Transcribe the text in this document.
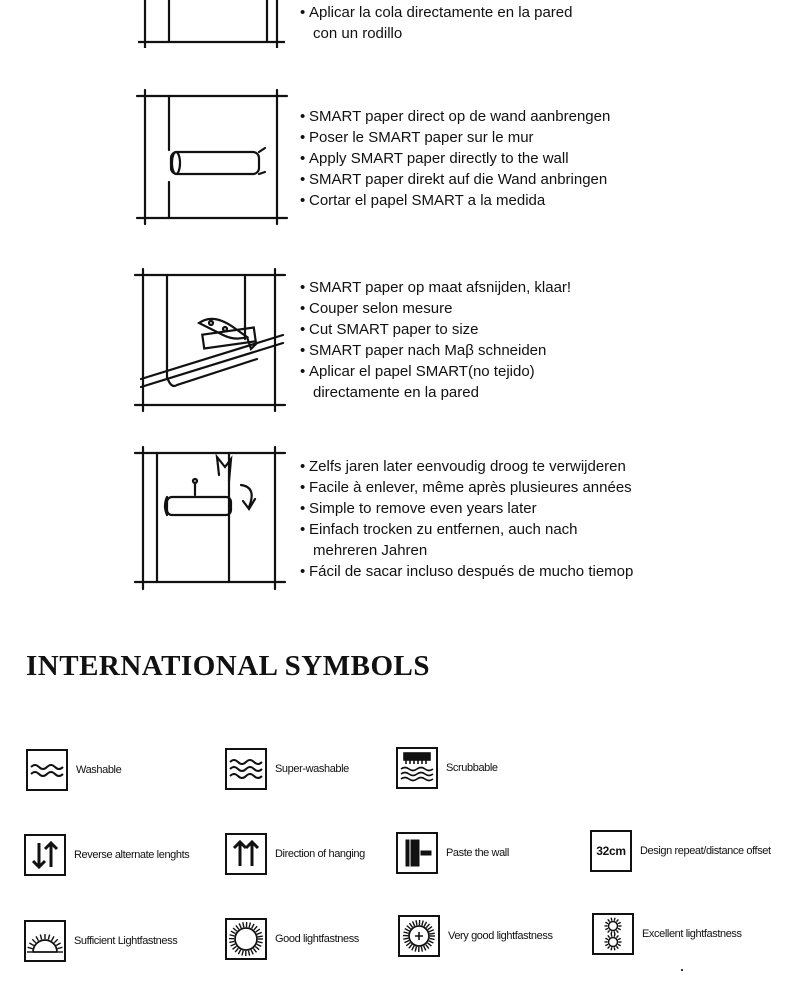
• Aplicar la cola directamente en la pared
con un rodillo
• SMART paper direct op de wand aanbrengen
• Poser le SMART paper sur le mur
• Apply SMART paper directly to the wall
• SMART paper direkt auf die Wand anbringen
• Cortar el papel SMART a la medida
• SMART paper op maat afsnijden, klaar!
• Couper selon mesure
• Cut SMART paper to size
• SMART paper nach Maβ schneiden
• Aplicar el papel SMART(no tejido)
directamente en la pared
• Zelfs jaren later eenvoudig droog te verwijderen
• Facile à enlever, même après plusieures années
• Simple to remove even years later
• Einfach trocken zu entfernen, auch nach
mehreren Jahren
• Fácil de sacar incluso después de mucho tiemop
INTERNATIONAL SYMBOLS
Washable	Super-washable	Scrubbable
Reverse alternate lenghts	Direction of hanging	Paste the wall	32cm Design repeat/distance offset
Sufficient Lightfastness	Good lightfastness	Very good lightfastness	Excellent lightfastness
